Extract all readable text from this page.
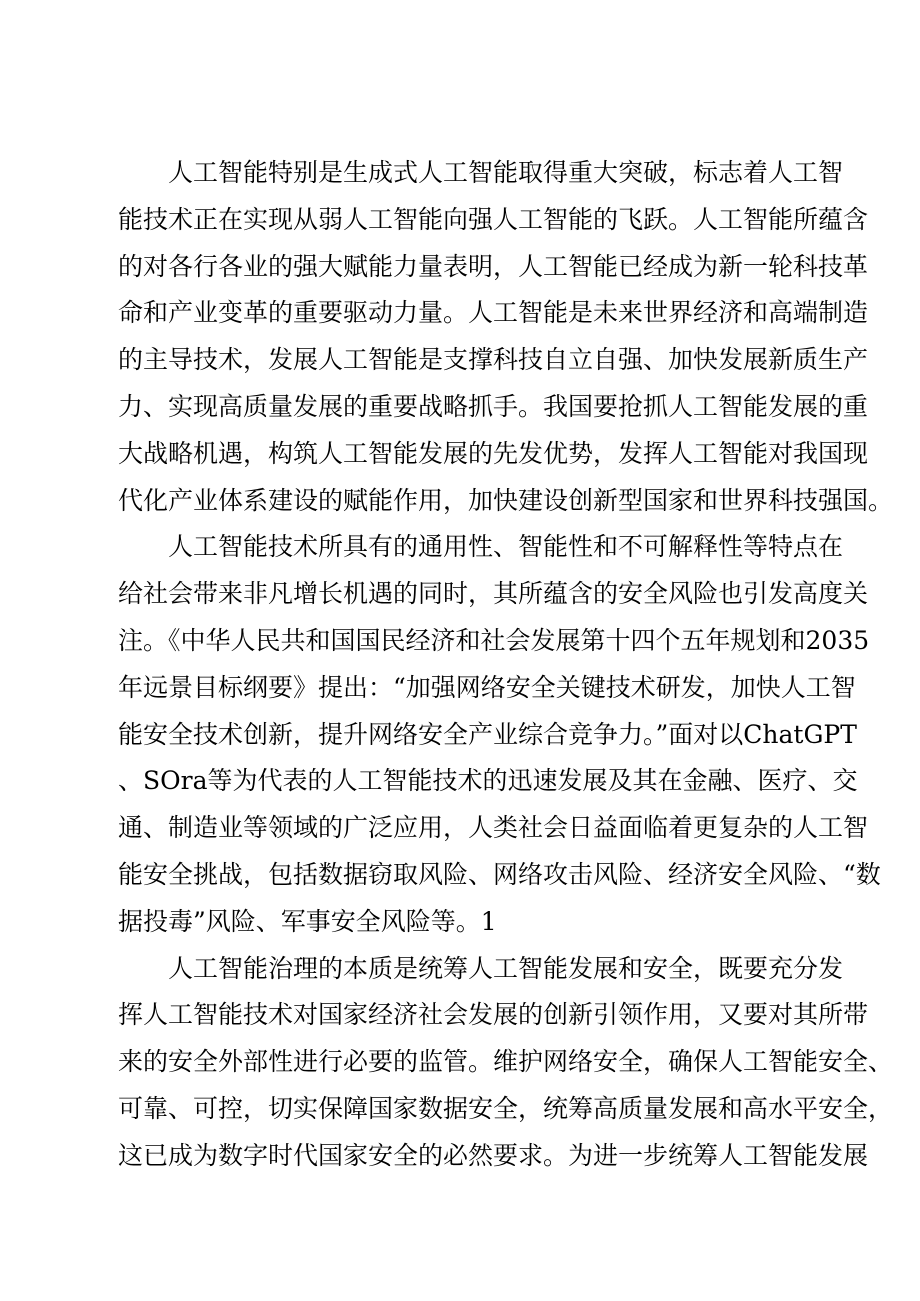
人工智能特别是生成式人工智能取得重大突破，标志着人工智
能技术正在实现从弱人工智能向强人工智能的飞跃。人工智能所蕴含
的对各行各业的强大赋能力量表明，人工智能已经成为新一轮科技革
命和产业变革的重要驱动力量。人工智能是未来世界经济和高端制造
的主导技术，发展人工智能是支撑科技自立自强、加快发展新质生产
力、实现高质量发展的重要战略抓手。我国要抢抓人工智能发展的重
大战略机遇，构筑人工智能发展的先发优势，发挥人工智能对我国现
代化产业体系建设的赋能作用，加快建设创新型国家和世界科技强国。
人工智能技术所具有的通用性、智能性和不可解释性等特点在
给社会带来非凡增长机遇的同时，其所蕴含的安全风险也引发高度关
注。《中华人民共和国国民经济和社会发展第十四个五年规划和2035
年远景目标纲要》提出：“加强网络安全关键技术研发，加快人工智
能安全技术创新，提升网络安全产业综合竞争力。”面对以ChatGPT
、SOra等为代表的人工智能技术的迅速发展及其在金融、医疗、交
通、制造业等领域的广泛应用，人类社会日益面临着更复杂的人工智
能安全挑战，包括数据窃取风险、网络攻击风险、经济安全风险、“数
据投毒”风险、军事安全风险等。1
人工智能治理的本质是统筹人工智能发展和安全，既要充分发
挥人工智能技术对国家经济社会发展的创新引领作用，又要对其所带
来的安全外部性进行必要的监管。维护网络安全，确保人工智能安全、
可靠、可控，切实保障国家数据安全，统筹高质量发展和高水平安全，
这已成为数字时代国家安全的必然要求。为进一步统筹人工智能发展
